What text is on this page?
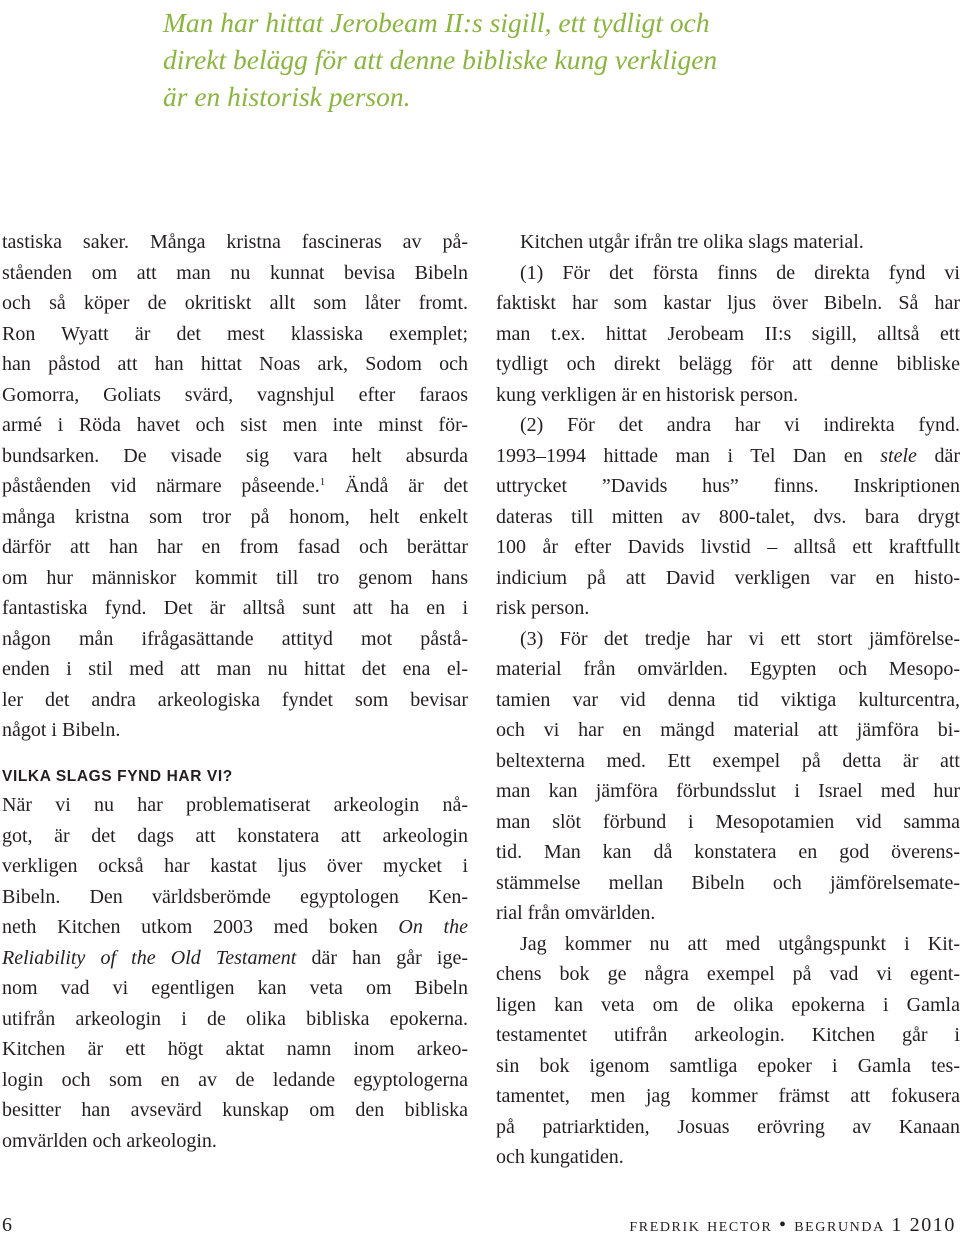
Man har hittat Jerobeam II:s sigill, ett tydligt och
direkt belägg för att denne bibliske kung verkligen
är en historisk person.
tastiska saker. Många kristna fascineras av på-
ståenden om att man nu kunnat bevisa Bibeln
och så köper de okritiskt allt som låter fromt.
Ron Wyatt är det mest klassiska exemplet;
han påstod att han hittat Noas ark, Sodom och
Gomorra, Goliats svärd, vagnshjul efter faraos
armé i Röda havet och sist men inte minst för-
bundsarken. De visade sig vara helt absurda
påståenden vid närmare påseende.$^1$ Ändå är det
många kristna som tror på honom, helt enkelt
därför att han har en from fasad och berättar
om hur människor kommit till tro genom hans
fantastiska fynd. Det är alltså sunt att ha en i
någon mån ifrågasättande attityd mot påstå-
enden i stil med att man nu hittat det ena el-
ler det andra arkeologiska fyndet som bevisar
något i Bibeln.
VILKA SLAGS FYND HAR VI?
När vi nu har problematiserat arkeologin nå-
got, är det dags att konstatera att arkeologin
verkligen också har kastat ljus över mycket i
Bibeln. Den världsberömde egyptologen Ken-
neth Kitchen utkom 2003 med boken On the
Reliability of the Old Testament där han går ige-
nom vad vi egentligen kan veta om Bibeln
utifrån arkeologin i de olika bibliska epokerna.
Kitchen är ett högt aktat namn inom arkeo-
login och som en av de ledande egyptologerna
besitter han avsevärd kunskap om den bibliska
omvärlden och arkeologin.
Kitchen utgår ifrån tre olika slags material.
(1) För det första finns de direkta fynd vi
faktiskt har som kastar ljus över Bibeln. Så har
man t.ex. hittat Jerobeam II:s sigill, alltså ett
tydligt och direkt belägg för att denne bibliske
kung verkligen är en historisk person.
(2) För det andra har vi indirekta fynd.
1993–1994 hittade man i Tel Dan en stele där
uttrycket ”Davids hus” finns. Inskriptionen
dateras till mitten av 800-talet, dvs. bara drygt
100 år efter Davids livstid – alltså ett kraftfullt
indicium på att David verkligen var en histo-
risk person.
(3) För det tredje har vi ett stort jämförelse-
material från omvärlden. Egypten och Mesopo-
tamien var vid denna tid viktiga kulturcentra,
och vi har en mängd material att jämföra bi-
beltexterna med. Ett exempel på detta är att
man kan jämföra förbundsslut i Israel med hur
man slöt förbund i Mesopotamien vid samma
tid. Man kan då konstatera en god överens-
stämmelse mellan Bibeln och jämförelsemate-
rial från omvärlden.
Jag kommer nu att med utgångspunkt i Kit-
chens bok ge några exempel på vad vi egent-
ligen kan veta om de olika epokerna i Gamla
testamentet utifrån arkeologin. Kitchen går i
sin bok igenom samtliga epoker i Gamla tes-
tamentet, men jag kommer främst att fokusera
på patriarktiden, Josuas erövring av Kanaan
och kungatiden.
6	fredrik hector • begrunda 1 2010
